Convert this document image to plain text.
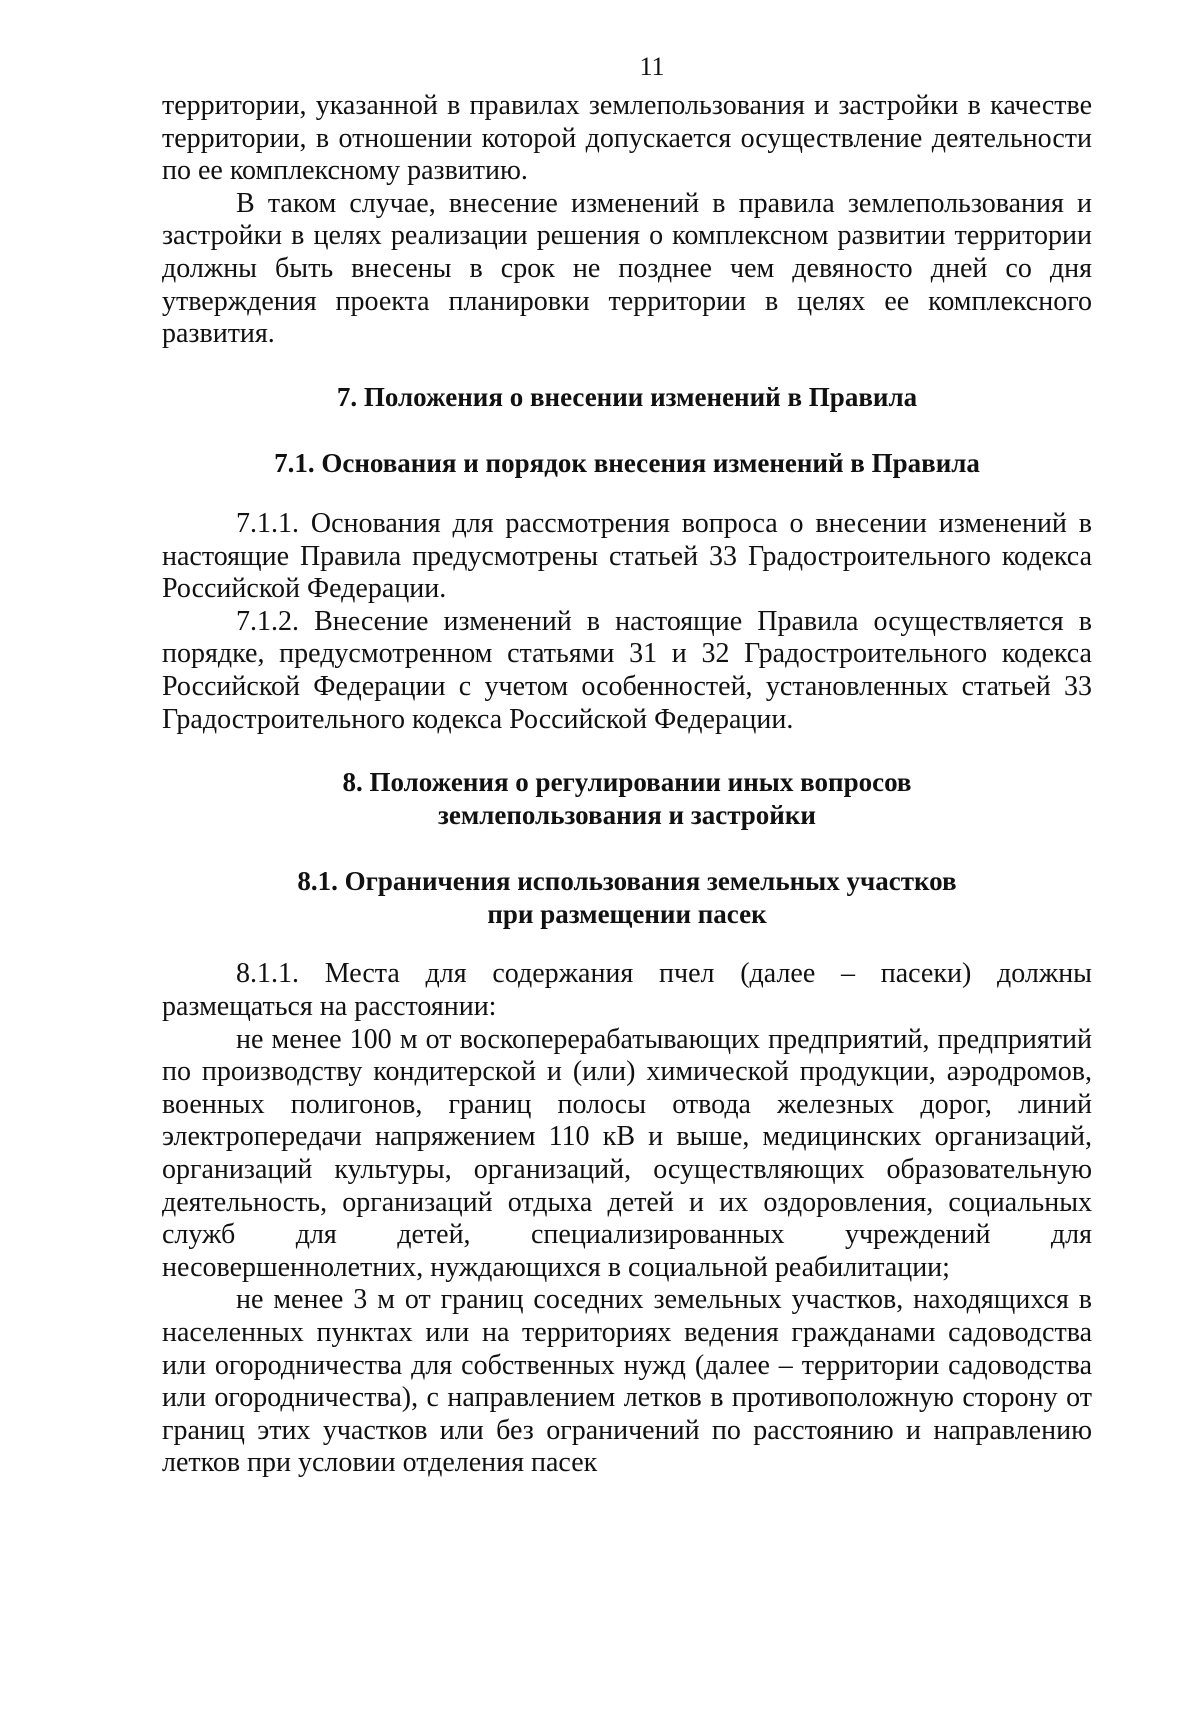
11

территории, указанной в правилах землепользования и застройки в качестве территории, в отношении которой допускается осуществление деятельности по ее комплексному развитию.

В таком случае, внесение изменений в правила землепользования и застройки в целях реализации решения о комплексном развитии территории должны быть внесены в срок не позднее чем девяносто дней со дня утверждения проекта планировки территории в целях ее комплексного развития.

7. Положения о внесении изменений в Правила
7.1. Основания и порядок внесения изменений в Правила

7.1.1. Основания для рассмотрения вопроса о внесении изменений в настоящие Правила предусмотрены статьей 33 Градостроительного кодекса Российской Федерации.

7.1.2. Внесение изменений в настоящие Правила осуществляется в порядке, предусмотренном статьями 31 и 32 Градостроительного кодекса Российской Федерации с учетом особенностей, установленных статьей 33 Градостроительного кодекса Российской Федерации.

8. Положения о регулировании иных вопросов
землепользования и застройки
8.1. Ограничения использования земельных участков
при размещении пасек

8.1.1. Места для содержания пчел (далее – пасеки) должны размещаться на расстоянии:

не менее 100 м от воскоперерабатывающих предприятий, предприятий по производству кондитерской и (или) химической продукции, аэродромов, военных полигонов, границ полосы отвода железных дорог, линий электропередачи напряжением 110 кВ и выше, медицинских организаций, организаций культуры, организаций, осуществляющих образовательную деятельность, организаций отдыха детей и их оздоровления, социальных служб для детей, специализированных учреждений для несовершеннолетних, нуждающихся в социальной реабилитации;

не менее 3 м от границ соседних земельных участков, находящихся в населенных пунктах или на территориях ведения гражданами садоводства или огородничества для собственных нужд (далее – территории садоводства или огородничества), с направлением летков в противоположную сторону от границ этих участков или без ограничений по расстоянию и направлению летков при условии отделения пасек
